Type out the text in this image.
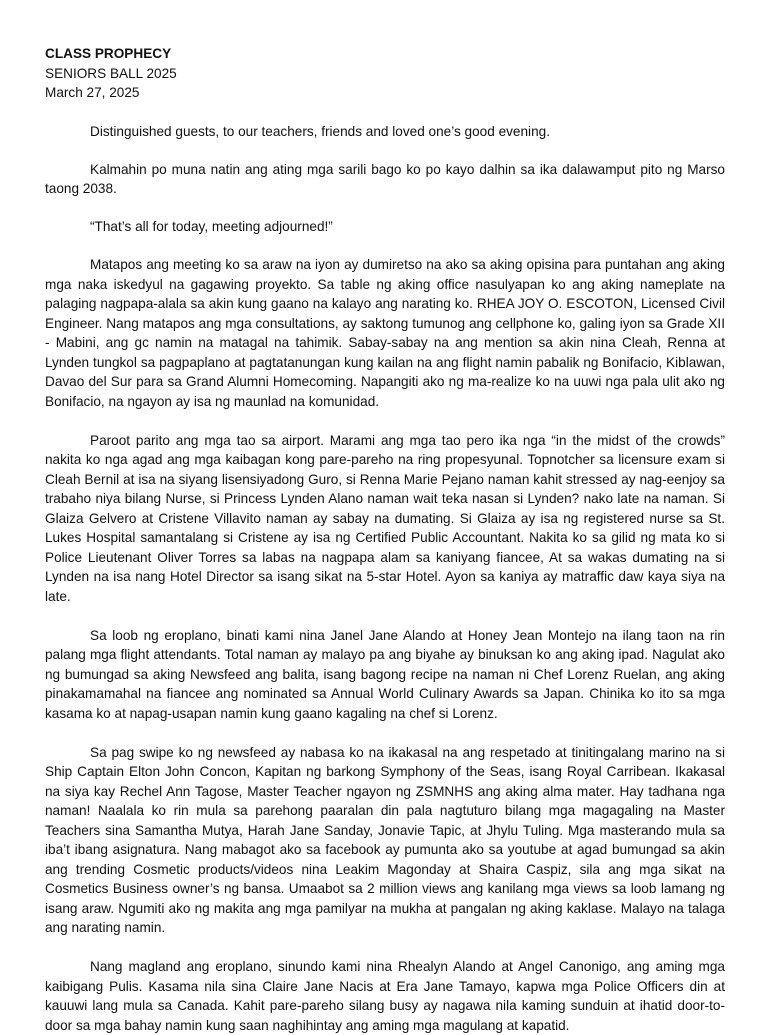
CLASS PROPHECY

SENIORS BALL 2025

March 27, 2025

Distinguished guests, to our teachers, friends and loved one’s good evening.

Kalmahin po muna natin ang ating mga sarili bago ko po kayo dalhin sa ika dalawamput pito ng Marso taong 2038.

“That’s all for today, meeting adjourned!”

Matapos ang meeting ko sa araw na iyon ay dumiretso na ako sa aking opisina para puntahan ang aking mga naka iskedyul na gagawing proyekto. Sa table ng aking office nasulyapan ko ang aking nameplate na palaging nagpapa-alala sa akin kung gaano na kalayo ang narating ko. RHEA JOY O. ESCOTON, Licensed Civil Engineer. Nang matapos ang mga consultations, ay saktong tumunog ang cellphone ko, galing iyon sa Grade XII - Mabini, ang gc namin na matagal na tahimik. Sabay-sabay na ang mention sa akin nina Cleah, Renna at Lynden tungkol sa pagpaplano at pagtatanungan kung kailan na ang flight namin pabalik ng Bonifacio, Kiblawan, Davao del Sur para sa Grand Alumni Homecoming. Napangiti ako ng ma-realize ko na uuwi nga pala ulit ako ng Bonifacio, na ngayon ay isa ng maunlad na komunidad.

Paroot parito ang mga tao sa airport. Marami ang mga tao pero ika nga “in the midst of the crowds” nakita ko nga agad ang mga kaibagan kong pare-pareho na ring propesyunal. Topnotcher sa licensure exam si Cleah Bernil at isa na siyang lisensiyadong Guro, si Renna Marie Pejano naman kahit stressed ay nag-eenjoy sa trabaho niya bilang Nurse, si Princess Lynden Alano naman wait teka nasan si Lynden? nako late na naman. Si Glaiza Gelvero at Cristene Villavito naman ay sabay na dumating. Si Glaiza ay isa ng registered nurse sa St. Lukes Hospital samantalang si Cristene ay isa ng Certified Public Accountant. Nakita ko sa gilid ng mata ko si Police Lieutenant Oliver Torres sa labas na nagpapa alam sa kaniyang fiancee, At sa wakas dumating na si Lynden na isa nang Hotel Director sa isang sikat na 5-star Hotel. Ayon sa kaniya ay matraffic daw kaya siya na late.

Sa loob ng eroplano, binati kami nina Janel Jane Alando at Honey Jean Montejo na ilang taon na rin palang mga flight attendants. Total naman ay malayo pa ang biyahe ay binuksan ko ang aking ipad. Nagulat ako ng bumungad sa aking Newsfeed ang balita, isang bagong recipe na naman ni Chef Lorenz Ruelan, ang aking pinakamamahal na fiancee ang nominated sa Annual World Culinary Awards sa Japan. Chinika ko ito sa mga kasama ko at napag-usapan namin kung gaano kagaling na chef si Lorenz.

Sa pag swipe ko ng newsfeed ay nabasa ko na ikakasal na ang respetado at tinitingalang marino na si Ship Captain Elton John Concon, Kapitan ng barkong Symphony of the Seas, isang Royal Carribean. Ikakasal na siya kay Rechel Ann Tagose, Master Teacher ngayon ng ZSMNHS ang aking alma mater. Hay tadhana nga naman! Naalala ko rin mula sa parehong paaralan din pala nagtuturo bilang mga magagaling na Master Teachers sina Samantha Mutya, Harah Jane Sanday, Jonavie Tapic, at Jhylu Tuling. Mga masterando mula sa iba’t ibang asignatura. Nang mabagot ako sa facebook ay pumunta ako sa youtube at agad bumungad sa akin ang trending Cosmetic products/videos nina Leakim Magonday at Shaira Caspiz, sila ang mga sikat na Cosmetics Business owner’s ng bansa. Umaabot sa 2 million views ang kanilang mga views sa loob lamang ng isang araw. Ngumiti ako ng makita ang mga pamilyar na mukha at pangalan ng aking kaklase. Malayo na talaga ang narating namin.

Nang magland ang eroplano, sinundo kami nina Rhealyn Alando at Angel Canonigo, ang aming mga kaibigang Pulis. Kasama nila sina Claire Jane Nacis at Era Jane Tamayo, kapwa mga Police Officers din at kauuwi lang mula sa Canada. Kahit pare-pareho silang busy ay nagawa nila kaming sunduin at ihatid door-to-door sa mga bahay namin kung saan naghihintay ang aming mga magulang at kapatid.
